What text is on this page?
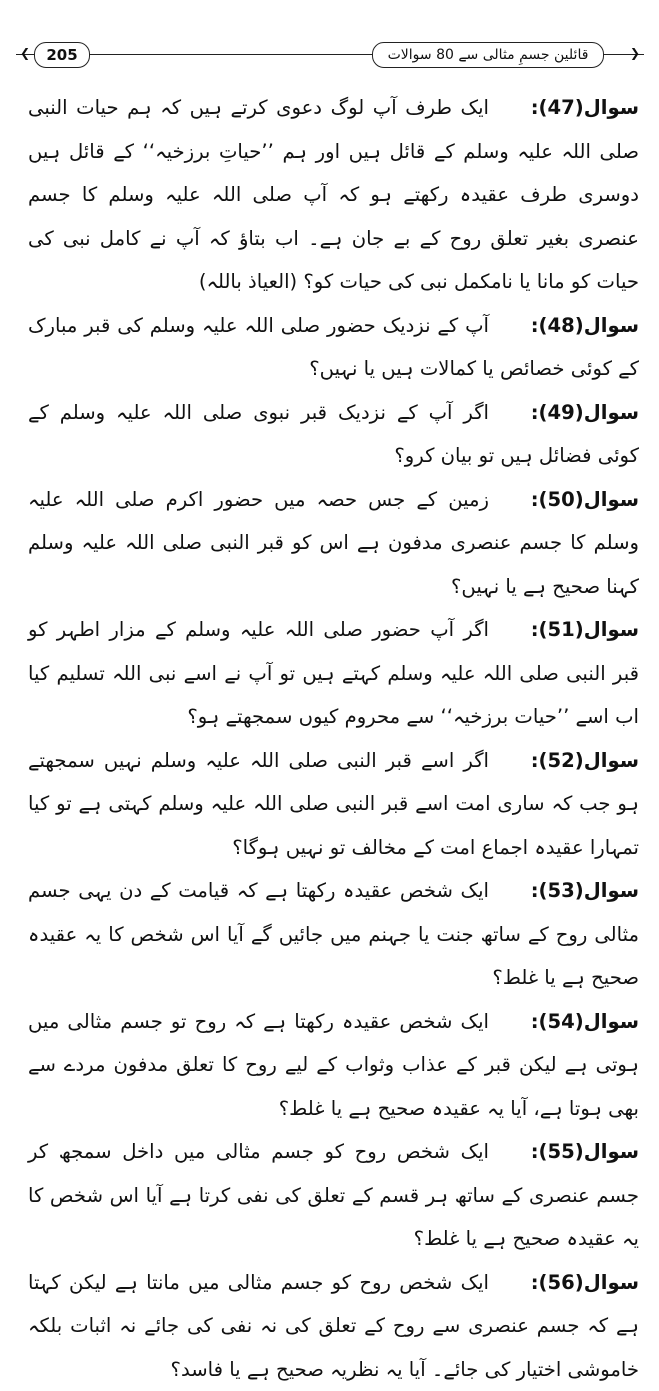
❮	205	قائلین جسمِ مثالی سے 80 سوالات	❯
سوال(47):ایک طرف آپ لوگ دعوی کرتے ہیں کہ ہم حیات النبی صلی اللہ علیہ وسلم کے قائل ہیں اور ہم ’’حیاتِ برزخیہ‘‘ کے قائل ہیں دوسری طرف عقیدہ رکھتے ہو کہ آپ صلی اللہ علیہ وسلم کا جسم عنصری بغیر تعلق روح کے بے جان ہے۔ اب بتاؤ کہ آپ نے کامل نبی کی حیات کو مانا یا نامکمل نبی کی حیات کو؟ (العیاذ باللہ)
سوال(48):آپ کے نزدیک حضور صلی اللہ علیہ وسلم کی قبر مبارک کے کوئی خصائص یا کمالات ہیں یا نہیں؟
سوال(49):اگر آپ کے نزدیک قبر نبوی صلی اللہ علیہ وسلم کے کوئی فضائل ہیں تو بیان کرو؟
سوال(50):زمین کے جس حصہ میں حضور اکرم صلی اللہ علیہ وسلم کا جسم عنصری مدفون ہے اس کو قبر النبی صلی اللہ علیہ وسلم کہنا صحیح ہے یا نہیں؟
سوال(51):اگر آپ حضور صلی اللہ علیہ وسلم کے مزار اطہر کو قبر النبی صلی اللہ علیہ وسلم کہتے ہیں تو آپ نے اسے نبی اللہ تسلیم کیا اب اسے ’’حیات برزخیہ‘‘ سے محروم کیوں سمجھتے ہو؟
سوال(52):اگر اسے قبر النبی صلی اللہ علیہ وسلم نہیں سمجھتے ہو جب کہ ساری امت اسے قبر النبی صلی اللہ علیہ وسلم کہتی ہے تو کیا تمہارا عقیدہ اجماع امت کے مخالف تو نہیں ہوگا؟
سوال(53):ایک شخص عقیدہ رکھتا ہے کہ قیامت کے دن یہی جسم مثالی روح کے ساتھ جنت یا جہنم میں جائیں گے آیا اس شخص کا یہ عقیدہ صحیح ہے یا غلط؟
سوال(54):ایک شخص عقیدہ رکھتا ہے کہ روح تو جسم مثالی میں ہوتی ہے لیکن قبر کے عذاب وثواب کے لیے روح کا تعلق مدفون مردے سے بھی ہوتا ہے، آیا یہ عقیدہ صحیح ہے یا غلط؟
سوال(55):ایک شخص روح کو جسم مثالی میں داخل سمجھ کر جسم عنصری کے ساتھ ہر قسم کے تعلق کی نفی کرتا ہے آیا اس شخص کا یہ عقیدہ صحیح ہے یا غلط؟
سوال(56):ایک شخص روح کو جسم مثالی میں مانتا ہے لیکن کہتا ہے کہ جسم عنصری سے روح کے تعلق کی نہ نفی کی جائے نہ اثبات بلکہ خاموشی اختیار کی جائے۔ آیا یہ نظریہ صحیح ہے یا فاسد؟
